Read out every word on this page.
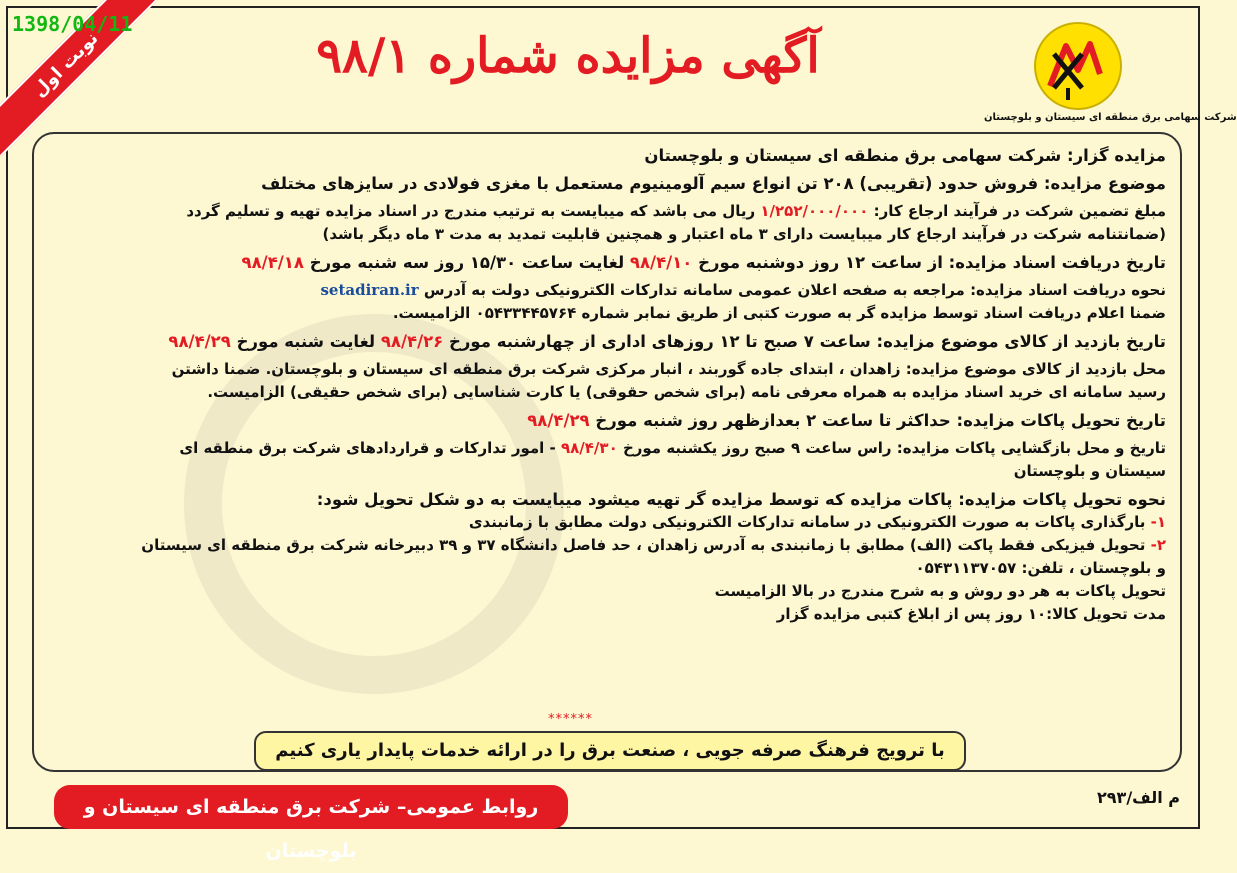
نوبت اول
1398/04/11
آگهی مزایده شماره ۹۸/۱
شرکت سهامی برق منطقه ای سیستان و بلوچستان
مزایده گزار: شرکت سهامی برق منطقه ای سیستان و بلوچستان
موضوع مزایده: فروش حدود (تقریبی) ۲۰۸ تن انواع سیم آلومینیوم مستعمل با مغزی فولادی در سایزهای مختلف
مبلغ تضمین شرکت در فرآیند ارجاع کار: ۱/۲۵۲/۰۰۰/۰۰۰ ریال می باشد که میبایست به ترتیب مندرج در اسناد مزایده تهیه و تسلیم گردد
(ضمانتنامه شرکت در فرآیند ارجاع کار میبایست دارای ۳ ماه اعتبار و همچنین قابلیت تمدید به مدت ۳ ماه دیگر باشد)
تاریخ دریافت اسناد مزایده: از ساعت ۱۲ روز دوشنبه مورخ ۹۸/۴/۱۰ لغایت ساعت ۱۵/۳۰ روز سه شنبه مورخ ۹۸/۴/۱۸
نحوه دریافت اسناد مزایده: مراجعه به صفحه اعلان عمومی سامانه تدارکات الکترونیکی دولت به آدرس setadiran.ir
ضمنا اعلام دریافت اسناد توسط مزایده گر به صورت کتبی از طریق نمابر شماره ۰۵۴۳۳۴۴۵۷۶۴ الزامیست.
تاریخ بازدید از کالای موضوع مزایده: ساعت ۷ صبح تا ۱۲ روزهای اداری از چهارشنبه مورخ ۹۸/۴/۲۶ لغایت شنبه مورخ ۹۸/۴/۲۹
محل بازدید از کالای موضوع مزایده: زاهدان ، ابتدای جاده گوربند ، انبار مرکزی شرکت برق منطقه ای سیستان و بلوچستان. ضمنا داشتن
رسید سامانه ای خرید اسناد مزایده به همراه معرفی نامه (برای شخص حقوقی) یا کارت شناسایی (برای شخص حقیقی) الزامیست.
تاریخ تحویل پاکات مزایده: حداکثر تا ساعت ۲ بعدازظهر روز شنبه مورخ ۹۸/۴/۲۹
تاریخ و محل بازگشایی پاکات مزایده: راس ساعت ۹ صبح روز یکشنبه مورخ ۹۸/۴/۳۰ - امور تدارکات و قراردادهای شرکت برق منطقه ای
سیستان و بلوچستان
نحوه تحویل پاکات مزایده: پاکات مزایده که توسط مزایده گر تهیه میشود میبایست به دو شکل تحویل شود:
۱- بارگذاری پاکات به صورت الکترونیکی در سامانه تدارکات الکترونیکی دولت مطابق با زمانبندی
۲- تحویل فیزیکی فقط پاکت (الف) مطابق با زمانبندی به آدرس زاهدان ، حد فاصل دانشگاه ۳۷ و ۳۹ دبیرخانه شرکت برق منطقه ای سیستان
و بلوچستان ، تلفن: ۰۵۴۳۱۱۳۷۰۵۷
تحویل پاکات به هر دو روش و به شرح مندرج در بالا الزامیست
مدت تحویل کالا:۱۰ روز پس از ابلاغ کتبی مزایده گزار
******
با ترویج فرهنگ صرفه جویی ، صنعت برق را در ارائه خدمات پایدار یاری کنیم
م الف/۲۹۳
روابط عمومی– شرکت برق منطقه ای سیستان و بلوچستان
